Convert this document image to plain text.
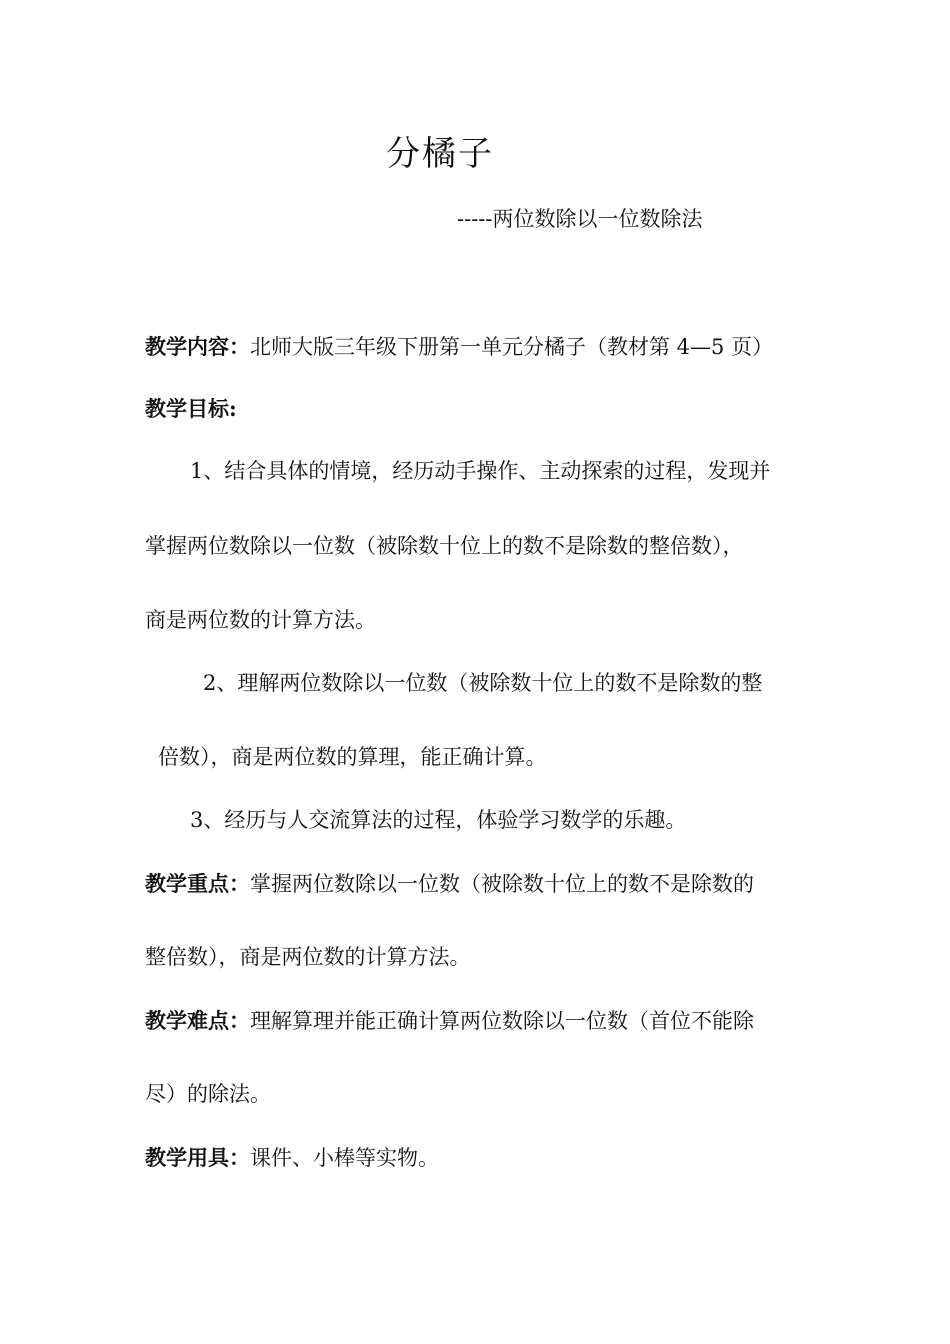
分橘子
-----两位数除以一位数除法
教学内容：北师大版三年级下册第一单元分橘子（教材第 4—5 页）
教学目标:
1、结合具体的情境，经历动手操作、主动探索的过程，发现并
掌握两位数除以一位数（被除数十位上的数不是除数的整倍数），
商是两位数的计算方法。
2、理解两位数除以一位数（被除数十位上的数不是除数的整
倍数），商是两位数的算理，能正确计算。
3、经历与人交流算法的过程，体验学习数学的乐趣。
教学重点：掌握两位数除以一位数（被除数十位上的数不是除数的
整倍数），商是两位数的计算方法。
教学难点：理解算理并能正确计算两位数除以一位数（首位不能除
尽）的除法。
教学用具：课件、小棒等实物。
